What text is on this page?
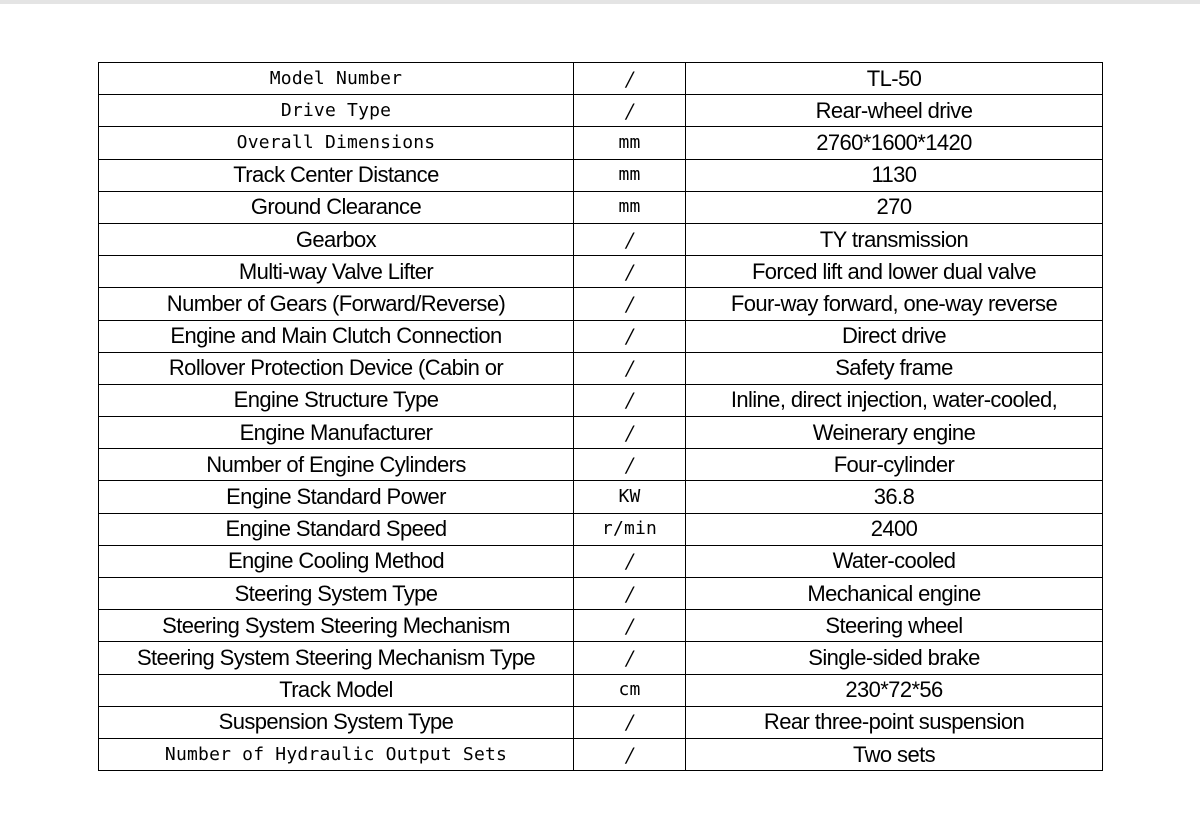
Model Number	/	TL-50
Drive Type	/	Rear-wheel drive
Overall Dimensions	mm	2760*1600*1420
Track Center Distance	mm	1130
Ground Clearance	mm	270
Gearbox	/	TY transmission
Multi-way Valve Lifter	/	Forced lift and lower dual valve
Number of Gears (Forward/Reverse)	/	Four-way forward, one-way reverse
Engine and Main Clutch Connection	/	Direct drive
Rollover Protection Device (Cabin or	/	Safety frame
Engine Structure Type	/	Inline, direct injection, water-cooled,
Engine Manufacturer	/	Weinerary engine
Number of Engine Cylinders	/	Four-cylinder
Engine Standard Power	KW	36.8
Engine Standard Speed	r/min	2400
Engine Cooling Method	/	Water-cooled
Steering System Type	/	Mechanical engine
Steering System Steering Mechanism	/	Steering wheel
Steering System Steering Mechanism Type	/	Single-sided brake
Track Model	cm	230*72*56
Suspension System Type	/	Rear three-point suspension
Number of Hydraulic Output Sets	/	Two sets
